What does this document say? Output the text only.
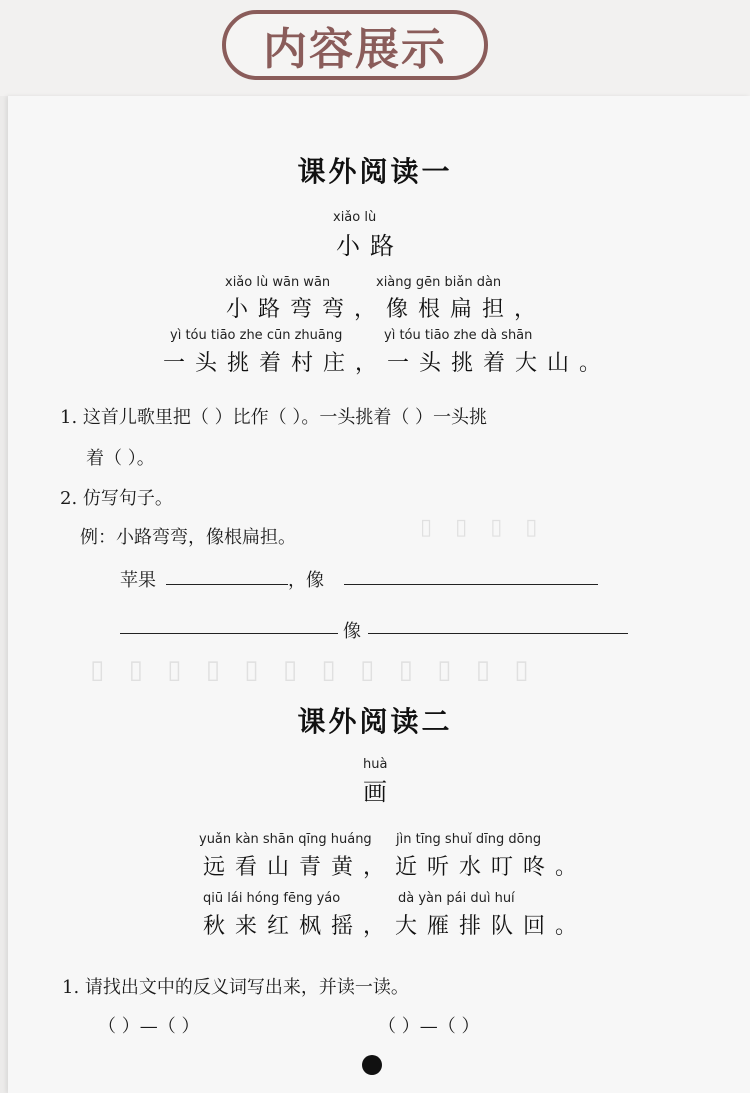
内容展示
▯ ▯ ▯ ▯ ▯ ▯ ▯ ▯ ▯ ▯ ▯ ▯
▯ ▯ ▯ ▯
课外阅读一
xiǎo lù
小路
xiǎo lù wān wān	xiàng gēn biǎn dàn
小路弯弯，像根扁担，
yì tóu tiāo zhe cūn zhuāng	yì tóu tiāo zhe dà shān
一头挑着村庄，一头挑着大山。
1. 这首儿歌里把（ ）比作（ ）。一头挑着（ ）一头挑
着（ ）。
2. 仿写句子。
例：小路弯弯，像根扁担。
苹果	，像
像
课外阅读二
huà
画
yuǎn kàn shān qīng huáng jìn tīng shuǐ dīng dōng
远看山青黄，近听水叮咚。
qiū lái hóng fēng yáo	dà yàn pái duì huí
秋来红枫摇，大雁排队回。
1. 请找出文中的反义词写出来，并读一读。
（ ）—（ ）	（ ）—（ ）
